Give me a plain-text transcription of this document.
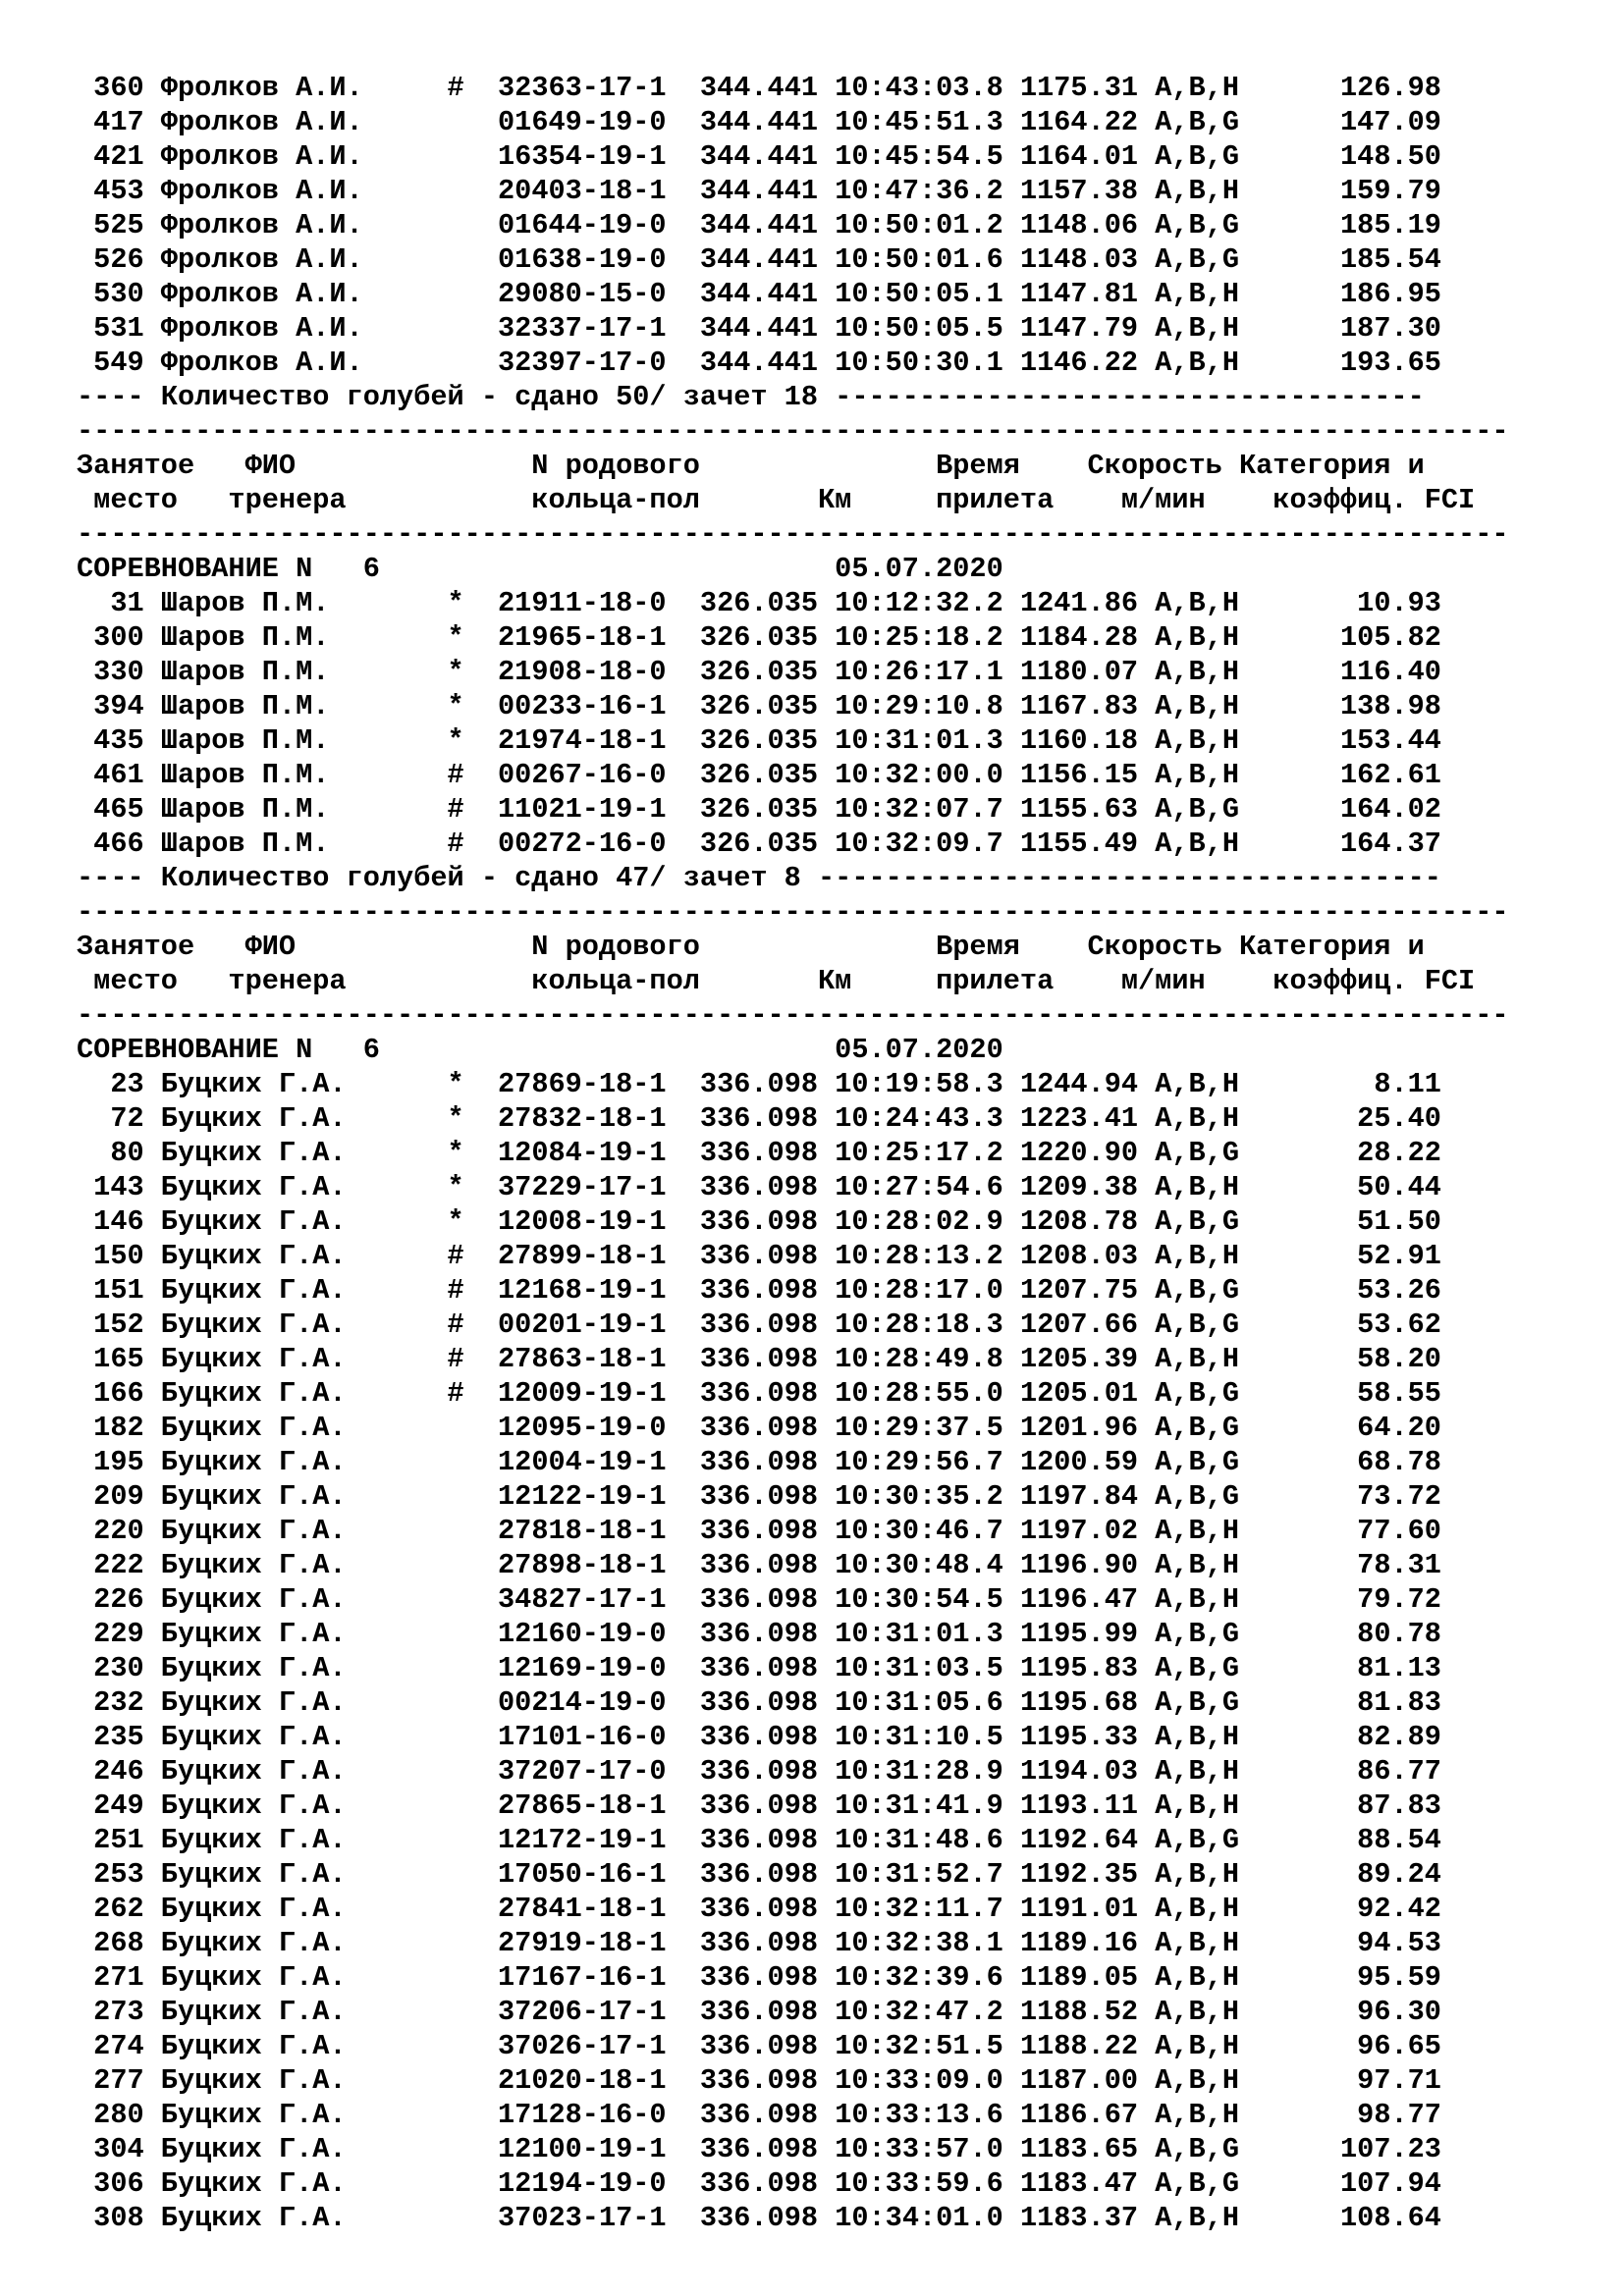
360 Фролков А.И.     #  32363-17-1  344.441 10:43:03.8 1175.31 A,B,H      126.98
417 Фролков А.И.        01649-19-0  344.441 10:45:51.3 1164.22 A,B,G      147.09
421 Фролков А.И.        16354-19-1  344.441 10:45:54.5 1164.01 A,B,G      148.50
453 Фролков А.И.        20403-18-1  344.441 10:47:36.2 1157.38 A,B,H      159.79
525 Фролков А.И.        01644-19-0  344.441 10:50:01.2 1148.06 A,B,G      185.19
526 Фролков А.И.        01638-19-0  344.441 10:50:01.6 1148.03 A,B,G      185.54
530 Фролков А.И.        29080-15-0  344.441 10:50:05.1 1147.81 A,B,H      186.95
531 Фролков А.И.        32337-17-1  344.441 10:50:05.5 1147.79 A,B,H      187.30
549 Фролков А.И.        32397-17-0  344.441 10:50:30.1 1146.22 A,B,H      193.65
---- Количество голубей - сдано 50/ зачет 18 -----------------------------------
-------------------------------------------------------------------------------------
Занятое   ФИО              N родового              Время    Скорость Категория и
место   тренера           кольца-пол       Км     прилета    м/мин    коэффиц. FCI
-------------------------------------------------------------------------------------
СОРЕВНОВАНИЕ N   6                           05.07.2020
31 Шаров П.М.       *  21911-18-0  326.035 10:12:32.2 1241.86 A,B,H       10.93
300 Шаров П.М.       *  21965-18-1  326.035 10:25:18.2 1184.28 A,B,H      105.82
330 Шаров П.М.       *  21908-18-0  326.035 10:26:17.1 1180.07 A,B,H      116.40
394 Шаров П.М.       *  00233-16-1  326.035 10:29:10.8 1167.83 A,B,H      138.98
435 Шаров П.М.       *  21974-18-1  326.035 10:31:01.3 1160.18 A,B,H      153.44
461 Шаров П.М.       #  00267-16-0  326.035 10:32:00.0 1156.15 A,B,H      162.61
465 Шаров П.М.       #  11021-19-1  326.035 10:32:07.7 1155.63 A,B,G      164.02
466 Шаров П.М.       #  00272-16-0  326.035 10:32:09.7 1155.49 A,B,H      164.37
---- Количество голубей - сдано 47/ зачет 8 -------------------------------------
-------------------------------------------------------------------------------------
Занятое   ФИО              N родового              Время    Скорость Категория и
место   тренера           кольца-пол       Км     прилета    м/мин    коэффиц. FCI
-------------------------------------------------------------------------------------
СОРЕВНОВАНИЕ N   6                           05.07.2020
23 Буцких Г.А.      *  27869-18-1  336.098 10:19:58.3 1244.94 A,B,H        8.11
72 Буцких Г.А.      *  27832-18-1  336.098 10:24:43.3 1223.41 A,B,H       25.40
80 Буцких Г.А.      *  12084-19-1  336.098 10:25:17.2 1220.90 A,B,G       28.22
143 Буцких Г.А.      *  37229-17-1  336.098 10:27:54.6 1209.38 A,B,H       50.44
146 Буцких Г.А.      *  12008-19-1  336.098 10:28:02.9 1208.78 A,B,G       51.50
150 Буцких Г.А.      #  27899-18-1  336.098 10:28:13.2 1208.03 A,B,H       52.91
151 Буцких Г.А.      #  12168-19-1  336.098 10:28:17.0 1207.75 A,B,G       53.26
152 Буцких Г.А.      #  00201-19-1  336.098 10:28:18.3 1207.66 A,B,G       53.62
165 Буцких Г.А.      #  27863-18-1  336.098 10:28:49.8 1205.39 A,B,H       58.20
166 Буцких Г.А.      #  12009-19-1  336.098 10:28:55.0 1205.01 A,B,G       58.55
182 Буцких Г.А.         12095-19-0  336.098 10:29:37.5 1201.96 A,B,G       64.20
195 Буцких Г.А.         12004-19-1  336.098 10:29:56.7 1200.59 A,B,G       68.78
209 Буцких Г.А.         12122-19-1  336.098 10:30:35.2 1197.84 A,B,G       73.72
220 Буцких Г.А.         27818-18-1  336.098 10:30:46.7 1197.02 A,B,H       77.60
222 Буцких Г.А.         27898-18-1  336.098 10:30:48.4 1196.90 A,B,H       78.31
226 Буцких Г.А.         34827-17-1  336.098 10:30:54.5 1196.47 A,B,H       79.72
229 Буцких Г.А.         12160-19-0  336.098 10:31:01.3 1195.99 A,B,G       80.78
230 Буцких Г.А.         12169-19-0  336.098 10:31:03.5 1195.83 A,B,G       81.13
232 Буцких Г.А.         00214-19-0  336.098 10:31:05.6 1195.68 A,B,G       81.83
235 Буцких Г.А.         17101-16-0  336.098 10:31:10.5 1195.33 A,B,H       82.89
246 Буцких Г.А.         37207-17-0  336.098 10:31:28.9 1194.03 A,B,H       86.77
249 Буцких Г.А.         27865-18-1  336.098 10:31:41.9 1193.11 A,B,H       87.83
251 Буцких Г.А.         12172-19-1  336.098 10:31:48.6 1192.64 A,B,G       88.54
253 Буцких Г.А.         17050-16-1  336.098 10:31:52.7 1192.35 A,B,H       89.24
262 Буцких Г.А.         27841-18-1  336.098 10:32:11.7 1191.01 A,B,H       92.42
268 Буцких Г.А.         27919-18-1  336.098 10:32:38.1 1189.16 A,B,H       94.53
271 Буцких Г.А.         17167-16-1  336.098 10:32:39.6 1189.05 A,B,H       95.59
273 Буцких Г.А.         37206-17-1  336.098 10:32:47.2 1188.52 A,B,H       96.30
274 Буцких Г.А.         37026-17-1  336.098 10:32:51.5 1188.22 A,B,H       96.65
277 Буцких Г.А.         21020-18-1  336.098 10:33:09.0 1187.00 A,B,H       97.71
280 Буцких Г.А.         17128-16-0  336.098 10:33:13.6 1186.67 A,B,H       98.77
304 Буцких Г.А.         12100-19-1  336.098 10:33:57.0 1183.65 A,B,G      107.23
306 Буцких Г.А.         12194-19-0  336.098 10:33:59.6 1183.47 A,B,G      107.94
308 Буцких Г.А.         37023-17-1  336.098 10:34:01.0 1183.37 A,B,H      108.64
